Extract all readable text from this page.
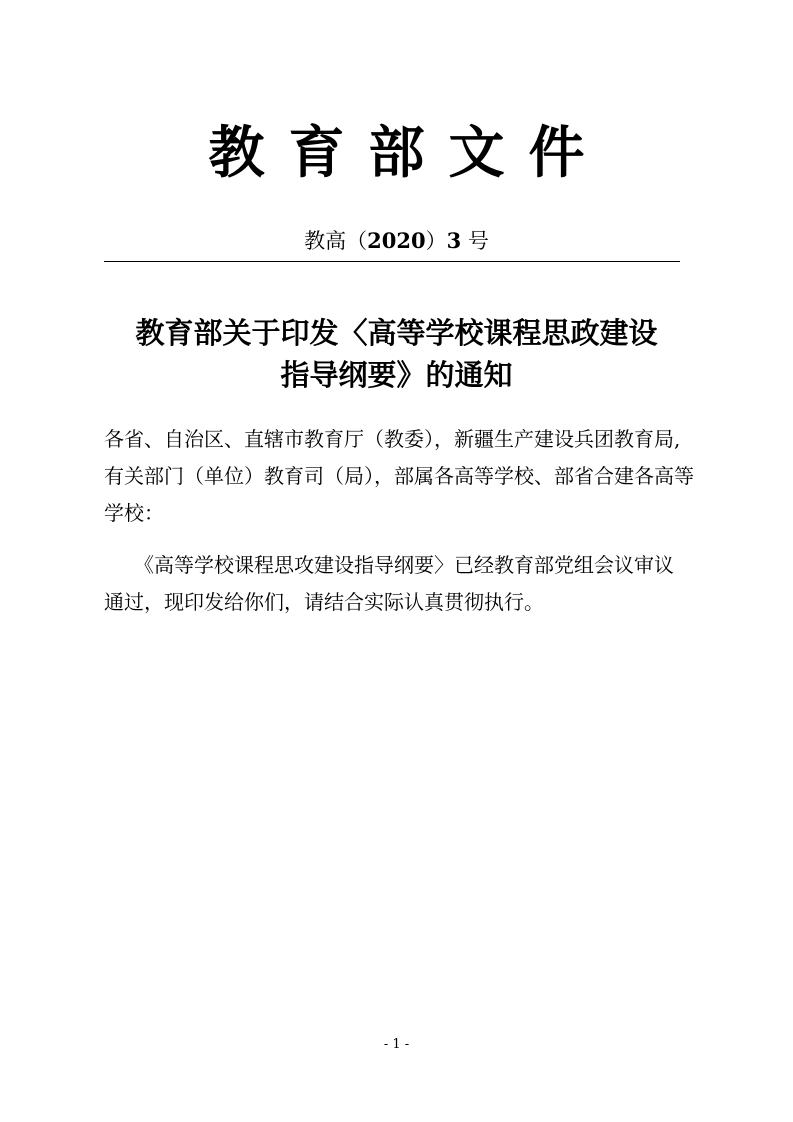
教育部文件
教高（2020）3 号
教育部关于印发〈高等学校课程思政建设
指导纲要》的通知
各省、自治区、直辖市教育厅（教委），新疆生产建设兵团教育局,
有关部门（单位）教育司（局），部属各高等学校、部省合建各高等
学校：
《高等学校课程思攻建设指导纲要〉已经教育部党组会议审议
通过，现印发给你们，请结合实际认真贯彻执行。
- 1 -
